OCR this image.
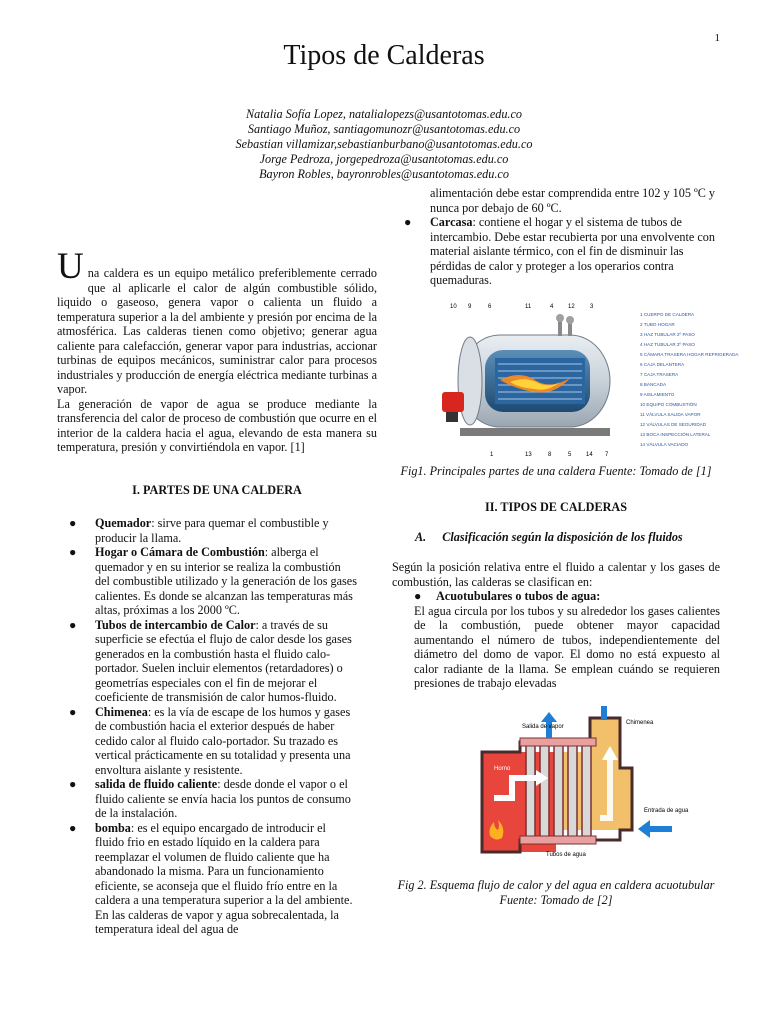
1
Tipos de Calderas
Natalia Sofía Lopez, natalialopezs@usantotomas.edu.co
Santiago Muñoz, santiagomunozr@usantotomas.edu.co
Sebastian villamizar,sebastianburbano@usantotomas.edu.co
Jorge Pedroza, jorgepedroza@usantotomas.edu.co
Bayron Robles, bayronrobles@usantotomas.edu.co

Una caldera es un equipo metálico preferiblemente cerrado que al aplicarle el calor de algún combustible sólido, liquido o gaseoso, genera vapor o calienta un fluido a temperatura superior a la del ambiente y presión por encima de la atmosférica. Las calderas tienen como objetivo; generar agua caliente para calefacción, generar vapor para industrias, accionar turbinas de equipos mecánicos, suministrar calor para procesos industriales y producción de energía eléctrica mediante turbinas a vapor.

La generación de vapor de agua se produce mediante la transferencia del calor de proceso de combustión que ocurre en el interior de la caldera hacia el agua, elevando de esta manera su temperatura, presión y convirtiéndola en vapor. [1]

I. PARTES DE UNA CALDERA
● Quemador: sirve para quemar el combustible y producir la llama.
● Hogar o Cámara de Combustión: alberga el quemador y en su interior se realiza la combustión del combustible utilizado y la generación de los gases calientes. Es donde se alcanzan las temperaturas más altas, próximas a los 2000 ºC.
● Tubos de intercambio de Calor: a través de su superficie se efectúa el flujo de calor desde los gases generados en la combustión hasta el fluido calo-portador. Suelen incluir elementos (retardadores) o geometrías especiales con el fin de mejorar el coeficiente de transmisión de calor humos-fluido.
● Chimenea: es la vía de escape de los humos y gases de combustión hacia el exterior después de haber cedido calor al fluido calo-portador. Su trazado es vertical prácticamente en su totalidad y presenta una envoltura aislante y resistente.
● salida de fluido caliente: desde donde el vapor o el fluido caliente se envía hacia los puntos de consumo de la instalación.
● bomba: es el equipo encargado de introducir el fluido frio en estado líquido en la caldera para reemplazar el volumen de fluido caliente que ha abandonado la misma. Para un funcionamiento eficiente, se aconseja que el fluido frío entre en la caldera a una temperatura superior a la del ambiente. En las calderas de vapor y agua sobrecalentada, la temperatura ideal del agua de
alimentación debe estar comprendida entre 102 y 105 ºC y nunca por debajo de 60 ºC.
● Carcasa: contiene el hogar y el sistema de tubos de intercambio. Debe estar recubierta por una envolvente con material aislante térmico, con el fin de disminuir las pérdidas de calor y proteger a los operarios contra quemaduras.
10 9	6	11	4 12	3
1	13	8	5 14 7
1 CUERPO DE CALDERA
2 TUBO HOGAR
3 HAZ TUBULAR 2º PASO
4 HAZ TUBULAR 3º PASO
5 CÁMARA TRASERA HOGAR REFRIGERADA
6 CAJA DELANTERA
7 CAJA TRASERA
8 BANCADA
9 AISLAMIENTO
10 EQUIPO COMBUSTIÓN
11 VÁLVULA SALIDA VAPOR
12 VÁLVULAS DE SEGURIDAD
13 BOCA INSPECCIÓN LATERAL
14 VÁLVULA VACIADO
Fig1. Principales partes de una caldera Fuente: Tomado de [1]
II. TIPOS DE CALDERAS
A. Clasificación según la disposición de los fluidos

Según la posición relativa entre el fluido a calentar y los gases de combustión, las calderas se clasifican en:

● Acuotubulares o tubos de agua:

El agua circula por los tubos y su alrededor los gases calientes de la combustión, puede obtener mayor capacidad aumentando el número de tubos, independientemente del diámetro del domo de vapor. El domo no está expuesto al calor radiante de la llama. Se emplean cuándo se requieren presiones de trabajo elevadas

Salida de vapor
Chimenea
Horno
Entrada de agua
Tubos de agua
Fig 2. Esquema flujo de calor y del agua en caldera acuotubular Fuente: Tomado de [2]
